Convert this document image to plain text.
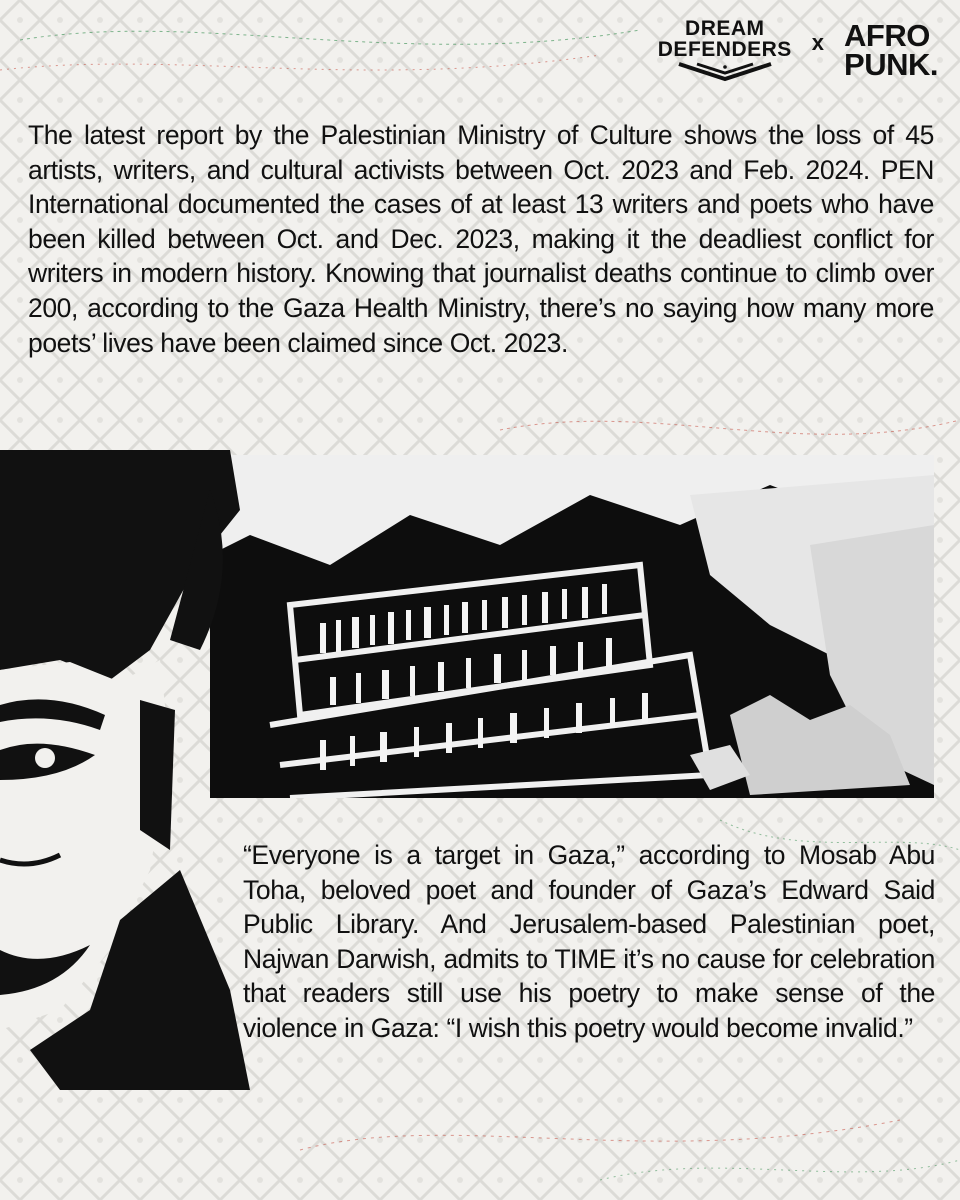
DREAM
DEFENDERS x AFRO
PUNK.

The latest report by the Palestinian Ministry of Culture shows the loss of 45 artists, writers, and cultural activists between Oct. 2023 and Feb. 2024. PEN International documented the cases of at least 13 writers and poets who have been killed between Oct. and Dec. 2023, making it the deadliest conflict for writers in modern history. Knowing that journalist deaths continue to climb over 200, according to the Gaza Health Ministry, there’s no saying how many more poets’ lives have been claimed since Oct. 2023.

“Everyone is a target in Gaza,” according to Mosab Abu Toha, beloved poet and founder of Gaza’s Edward Said Public Library. And Jerusalem-based Palestinian poet, Najwan Darwish, admits to TIME it’s no cause for celebration that readers still use his poetry to make sense of the violence in Gaza: “I wish this poetry would become invalid.”
